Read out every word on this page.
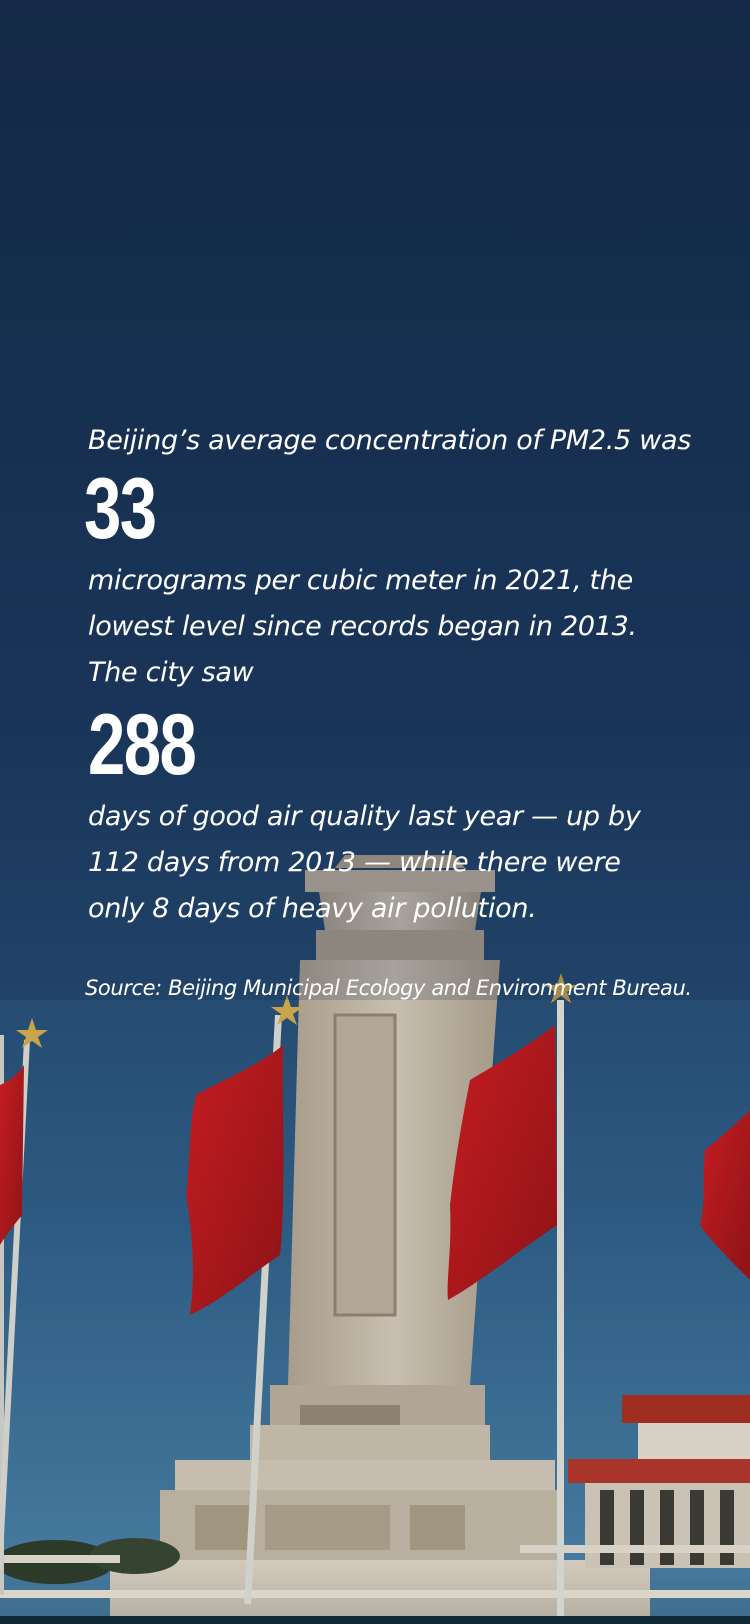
Beijing’s average concentration of PM2.5 was

33

micrograms per cubic meter in 2021, the
lowest level since records began in 2013.
The city saw

288

days of good air quality last year — up by
112 days from 2013 — while there were
only 8 days of heavy air pollution.

Source: Beijing Municipal Ecology and Environment Bureau.
